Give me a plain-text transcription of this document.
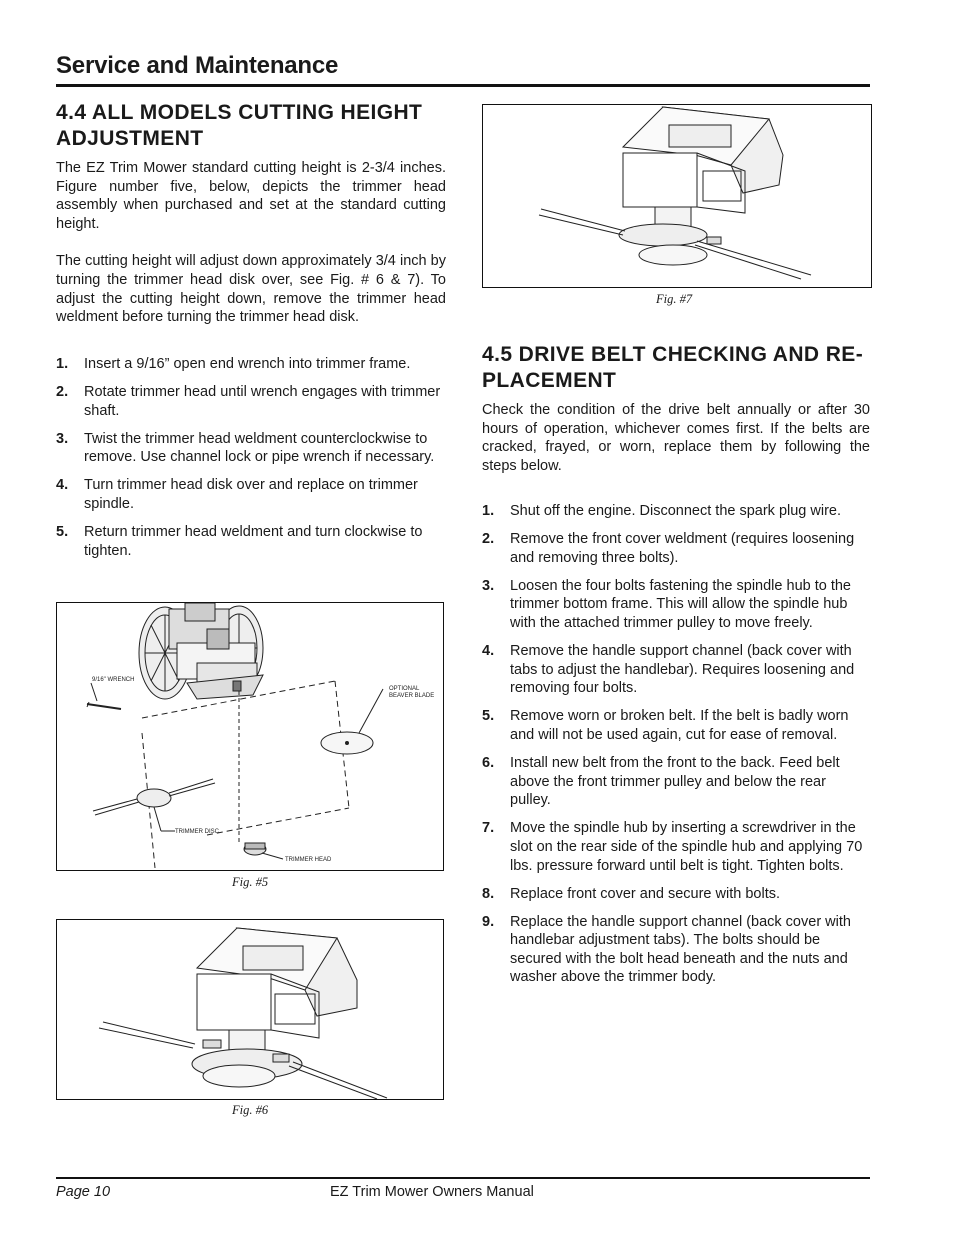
Service and Maintenance
4.4 ALL MODELS CUTTING HEIGHT
ADJUSTMENT

The EZ Trim Mower standard cutting height is 2-3/4 inches. Figure number five, below, depicts the trimmer head assembly when purchased and set at the standard cutting height.

The cutting height will adjust down approximately 3/4 inch by turning the trimmer head disk over, see Fig. # 6 & 7). To adjust the cutting height down, remove the trimmer head weldment before turning the trimmer head disk.

1. Insert a 9/16” open end wrench into trimmer frame.
2. Rotate trimmer head until wrench engages with trimmer shaft.
3. Twist the trimmer head weldment counterclockwise to remove. Use channel lock or pipe wrench if necessary.
4. Turn trimmer head disk over and replace on trimmer spindle.
5. Return trimmer head weldment and turn clockwise to tighten.
9/16" WRENCH
OPTIONAL
BEAVER BLADE
TRIMMER DISC
TRIMMER HEAD
Fig. #5
Fig. #6
Fig. #7
4.5 DRIVE BELT CHECKING AND RE-
PLACEMENT

Check the condition of the drive belt annually or after 30 hours of operation, whichever comes first. If the belts are cracked, frayed, or worn, replace them by following the steps below.

1. Shut off the engine. Disconnect the spark plug wire.
2. Remove the front cover weldment (requires loosening and removing three bolts).
3. Loosen the four bolts fastening the spindle hub to the trimmer bottom frame. This will allow the spindle hub with the attached trimmer pulley to move freely.
4. Remove the handle support channel (back cover with tabs to adjust the handlebar). Requires loosening and removing four bolts.
5. Remove worn or broken belt. If the belt is badly worn and will not be used again, cut for ease of removal.
6. Install new belt from the front to the back. Feed belt above the front trimmer pulley and below the rear pulley.
7. Move the spindle hub by inserting a screwdriver in the slot on the rear side of the spindle hub and applying 70 lbs. pressure forward until belt is tight. Tighten bolts.
8. Replace front cover and secure with bolts.
9. Replace the handle support channel (back cover with handlebar adjustment tabs). The bolts should be secured with the bolt head beneath and the nuts and washer above the trimmer body.
Page 10	EZ Trim Mower Owners Manual
